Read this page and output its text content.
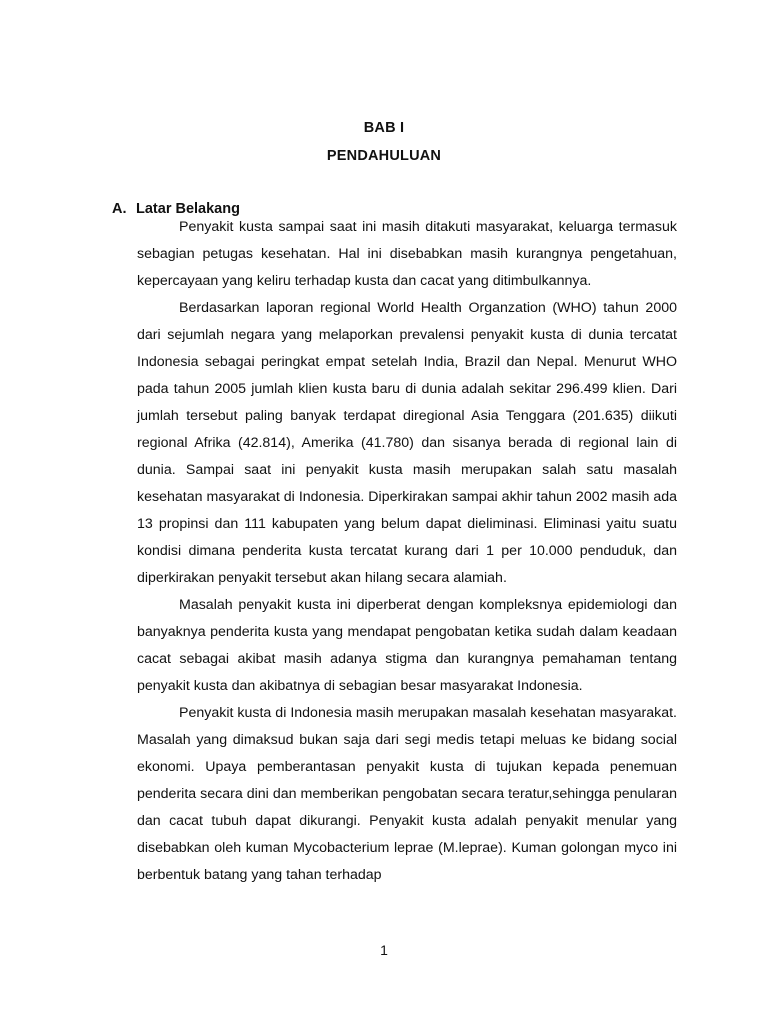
BAB I
PENDAHULUAN
A. Latar Belakang

Penyakit kusta sampai saat ini masih ditakuti masyarakat, keluarga termasuk sebagian petugas kesehatan. Hal ini disebabkan masih kurangnya pengetahuan, kepercayaan yang keliru terhadap kusta dan cacat yang ditimbulkannya.

Berdasarkan laporan regional World Health Organzation (WHO) tahun 2000 dari sejumlah negara yang melaporkan prevalensi penyakit kusta di dunia tercatat Indonesia sebagai peringkat empat setelah India, Brazil dan Nepal. Menurut WHO pada tahun 2005 jumlah klien kusta baru di dunia adalah sekitar 296.499 klien. Dari jumlah tersebut paling banyak terdapat diregional Asia Tenggara (201.635) diikuti regional Afrika (42.814), Amerika (41.780) dan sisanya berada di regional lain di dunia. Sampai saat ini penyakit kusta masih merupakan salah satu masalah kesehatan masyarakat di Indonesia. Diperkirakan sampai akhir tahun 2002 masih ada 13 propinsi dan 111 kabupaten yang belum dapat dieliminasi. Eliminasi yaitu suatu kondisi dimana penderita kusta tercatat kurang dari 1 per 10.000 penduduk, dan diperkirakan penyakit tersebut akan hilang secara alamiah.

Masalah penyakit kusta ini diperberat dengan kompleksnya epidemiologi dan banyaknya penderita kusta yang mendapat pengobatan ketika sudah dalam keadaan cacat sebagai akibat masih adanya stigma dan kurangnya pemahaman tentang penyakit kusta dan akibatnya di sebagian besar masyarakat Indonesia.

Penyakit kusta di Indonesia masih merupakan masalah kesehatan masyarakat. Masalah yang dimaksud bukan saja dari segi medis tetapi meluas ke bidang social ekonomi. Upaya pemberantasan penyakit kusta di tujukan kepada penemuan penderita secara dini dan memberikan pengobatan secara teratur,sehingga penularan dan cacat tubuh dapat dikurangi. Penyakit kusta adalah penyakit menular yang disebabkan oleh kuman Mycobacterium leprae (M.leprae). Kuman golongan myco ini berbentuk batang yang tahan terhadap

1
